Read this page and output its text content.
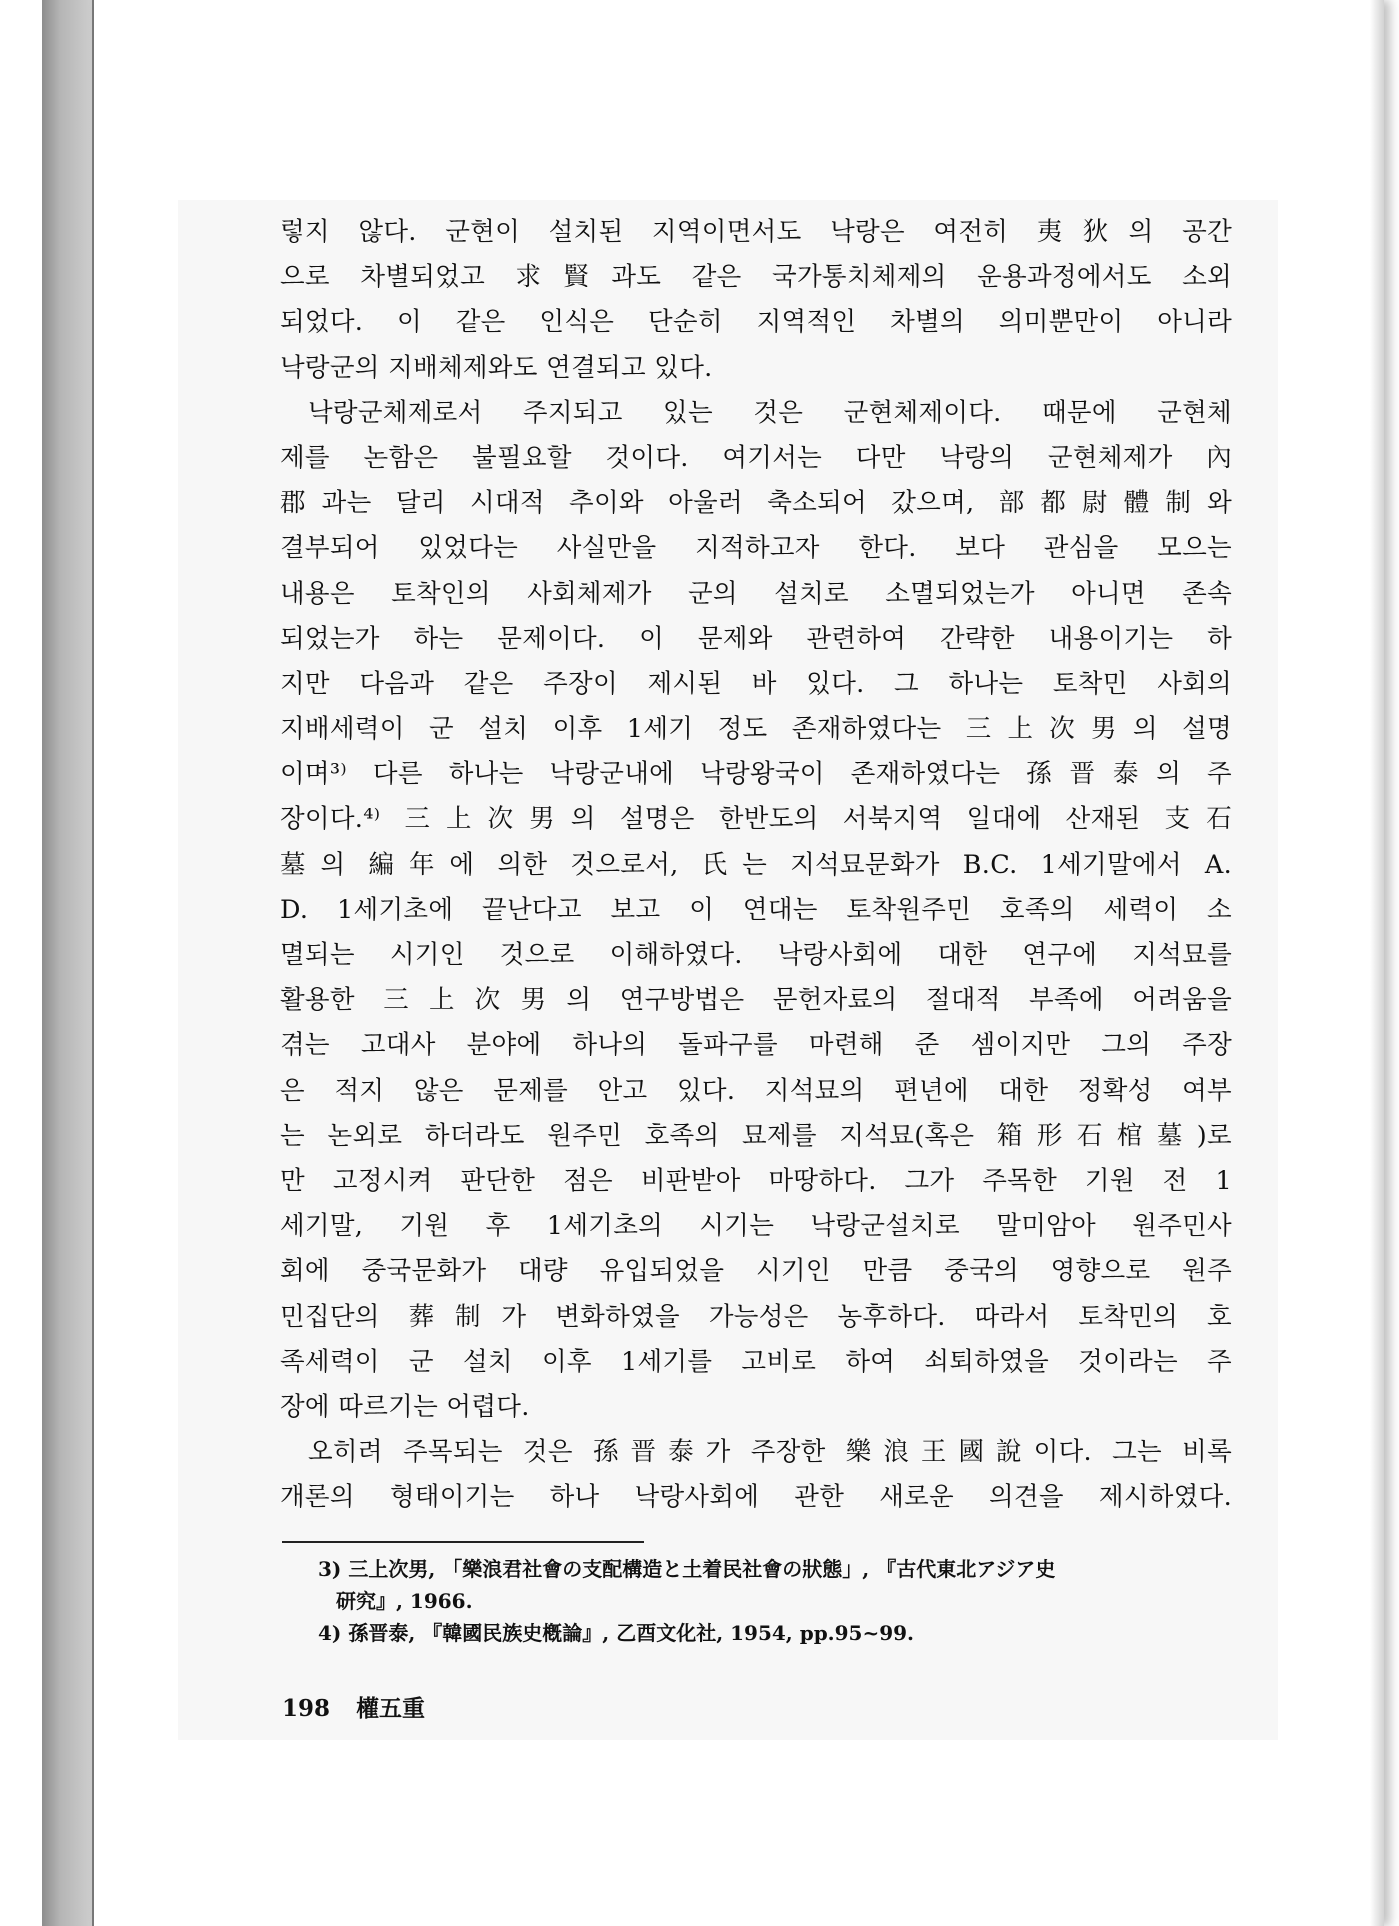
렇지 않다. 군현이 설치된 지역이면서도 낙랑은 여전히 夷狄의 공간
으로 차별되었고 求賢과도 같은 국가통치체제의 운용과정에서도 소외
되었다. 이 같은 인식은 단순히 지역적인 차별의 의미뿐만이 아니라
낙랑군의 지배체제와도 연결되고 있다.
낙랑군체제로서 주지되고 있는 것은 군현체제이다. 때문에 군현체
제를 논함은 불필요할 것이다. 여기서는 다만 낙랑의 군현체제가 內
郡과는 달리 시대적 추이와 아울러 축소되어 갔으며, 部都尉體制와
결부되어 있었다는 사실만을 지적하고자 한다. 보다 관심을 모으는
내용은 토착인의 사회체제가 군의 설치로 소멸되었는가 아니면 존속
되었는가 하는 문제이다. 이 문제와 관련하여 간략한 내용이기는 하
지만 다음과 같은 주장이 제시된 바 있다. 그 하나는 토착민 사회의
지배세력이 군 설치 이후 1세기 정도 존재하였다는 三上次男의 설명
이며³⁾ 다른 하나는 낙랑군내에 낙랑왕국이 존재하였다는 孫晋泰의 주
장이다.⁴⁾ 三上次男의 설명은 한반도의 서북지역 일대에 산재된 支石
墓의 編年에 의한 것으로서, 氏는 지석묘문화가 B.C. 1세기말에서 A.
D. 1세기초에 끝난다고 보고 이 연대는 토착원주민 호족의 세력이 소
멸되는 시기인 것으로 이해하였다. 낙랑사회에 대한 연구에 지석묘를
활용한 三上次男의 연구방법은 문헌자료의 절대적 부족에 어려움을
겪는 고대사 분야에 하나의 돌파구를 마련해 준 셈이지만 그의 주장
은 적지 않은 문제를 안고 있다. 지석묘의 편년에 대한 정확성 여부
는 논외로 하더라도 원주민 호족의 묘제를 지석묘(혹은 箱形石棺墓)로
만 고정시켜 판단한 점은 비판받아 마땅하다. 그가 주목한 기원 전 1
세기말, 기원 후 1세기초의 시기는 낙랑군설치로 말미암아 원주민사
회에 중국문화가 대량 유입되었을 시기인 만큼 중국의 영향으로 원주
민집단의 葬制가 변화하였을 가능성은 농후하다. 따라서 토착민의 호
족세력이 군 설치 이후 1세기를 고비로 하여 쇠퇴하였을 것이라는 주
장에 따르기는 어렵다.
오히려 주목되는 것은 孫晋泰가 주장한 樂浪王國說이다. 그는 비록
개론의 형태이기는 하나 낙랑사회에 관한 새로운 의견을 제시하였다.
3) 三上次男, 「樂浪君社會の支配構造と土着民社會の狀態」, 『古代東北アジア史
研究』, 1966.
4) 孫晋泰, 『韓國民族史槪論』, 乙酉文化社, 1954, pp.95~99.
198 權五重
